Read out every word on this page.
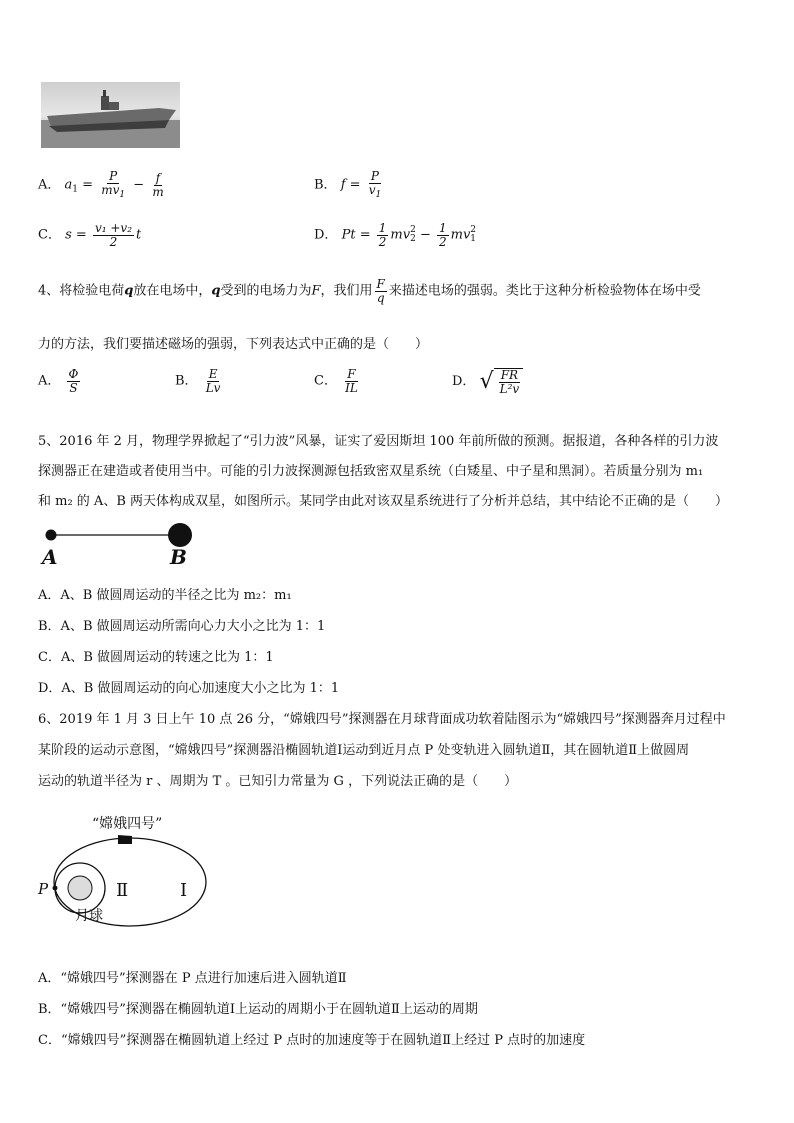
A． $a_1 = \frac{P}{mv_1} - \frac{f}{m}$	B． $f = \frac{P}{v_1}$
C． $s = \frac{\text{v₁ +v₂}}{2}$ t	D． $Pt = \frac{1}{2}$ mv 2
$2 - \frac{1}{2}$ mv 2
1
4、将检验电荷q放在电场中，q受到的电场力为F，我们用 $\frac{F}{q}$ 来描述电场的强弱。类比于这种分析检验物体在场中受
力的方法，我们要描述磁场的强弱，下列表达式中正确的是（　　）
A． $\frac{\Phi}{S}$	B． $\frac{E}{Lv}$	C． $\frac{F}{IL}$	D． √ $\frac{FR}{\text{L²v}}$
5、2016 年 2 月，物理学界掀起了“引力波”风暴，证实了爱因斯坦 100 年前所做的预测。据报道，各种各样的引力波
探测器正在建造或者使用当中。可能的引力波探测源包括致密双星系统（白矮星、中子星和黑洞）。若质量分别为 m₁
和 m₂ 的 A、B 两天体构成双星，如图所示。某同学由此对该双星系统进行了分析并总结，其中结论不正确的是（　　）
A	B
A．A、B 做圆周运动的半径之比为 m₂：m₁
B．A、B 做圆周运动所需向心力大小之比为 1：1
C．A、B 做圆周运动的转速之比为 1：1
D．A、B 做圆周运动的向心加速度大小之比为 1：1
6、2019 年 1 月 3 日上午 10 点 26 分，“嫦娥四号”探测器在月球背面成功软着陆图示为“嫦娥四号”探测器奔月过程中
某阶段的运动示意图，“嫦娥四号”探测器沿椭圆轨道Ⅰ运动到近月点 P 处变轨进入圆轨道Ⅱ，其在圆轨道Ⅱ上做圆周
运动的轨道半径为 r 、周期为 T 。已知引力常量为 G ，下列说法正确的是（　　）
“嫦娥四号”
P	Ⅱ	Ⅰ
月球
A．“嫦娥四号”探测器在 P 点进行加速后进入圆轨道Ⅱ
B．“嫦娥四号”探测器在椭圆轨道Ⅰ上运动的周期小于在圆轨道Ⅱ上运动的周期
C．“嫦娥四号”探测器在椭圆轨道上经过 P 点时的加速度等于在圆轨道Ⅱ上经过 P 点时的加速度
